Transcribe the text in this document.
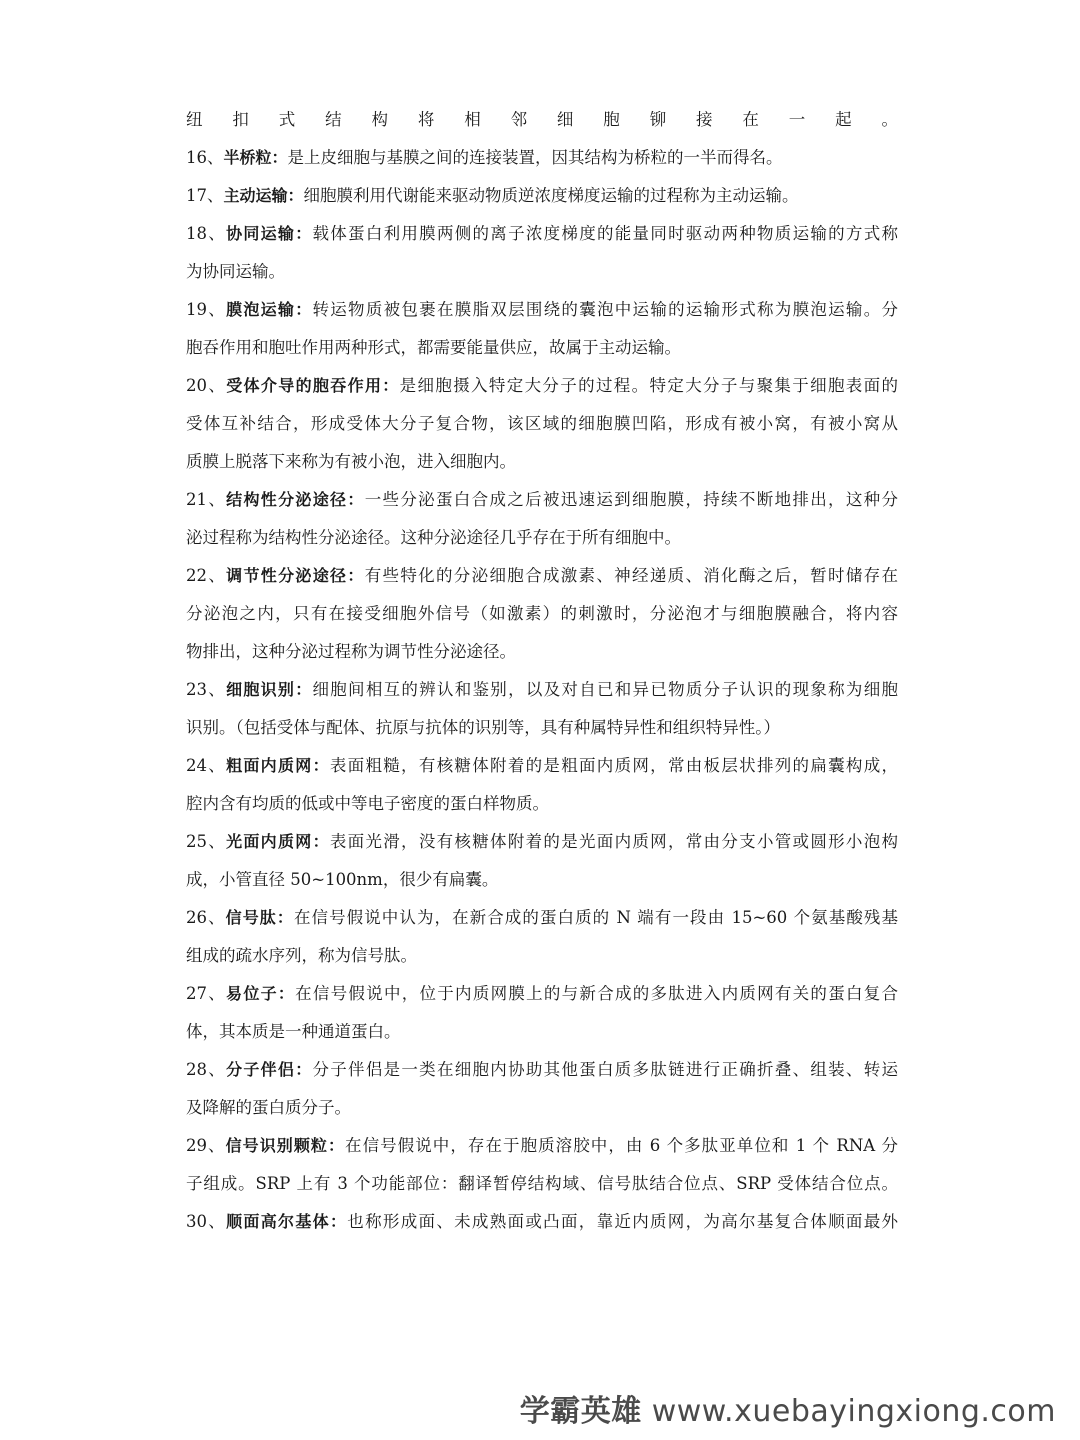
纽扣式结构将相邻细胞铆接在一起。
16、半桥粒：是上皮细胞与基膜之间的连接装置，因其结构为桥粒的一半而得名。
17、主动运输：细胞膜利用代谢能来驱动物质逆浓度梯度运输的过程称为主动运输。
18、协同运输：载体蛋白利用膜两侧的离子浓度梯度的能量同时驱动两种物质运输的方式称
为协同运输。
19、膜泡运输：转运物质被包裹在膜脂双层围绕的囊泡中运输的运输形式称为膜泡运输。分
胞吞作用和胞吐作用两种形式，都需要能量供应，故属于主动运输。
20、受体介导的胞吞作用：是细胞摄入特定大分子的过程。特定大分子与聚集于细胞表面的
受体互补结合，形成受体大分子复合物，该区域的细胞膜凹陷，形成有被小窝，有被小窝从
质膜上脱落下来称为有被小泡，进入细胞内。
21、结构性分泌途径：一些分泌蛋白合成之后被迅速运到细胞膜，持续不断地排出，这种分
泌过程称为结构性分泌途径。这种分泌途径几乎存在于所有细胞中。
22、调节性分泌途径：有些特化的分泌细胞合成激素、神经递质、消化酶之后，暂时储存在
分泌泡之内，只有在接受细胞外信号（如激素）的刺激时，分泌泡才与细胞膜融合，将内容
物排出，这种分泌过程称为调节性分泌途径。
23、细胞识别：细胞间相互的辨认和鉴别，以及对自已和异已物质分子认识的现象称为细胞
识别。（包括受体与配体、抗原与抗体的识别等，具有种属特异性和组织特异性。）
24、粗面内质网：表面粗糙，有核糖体附着的是粗面内质网，常由板层状排列的扁囊构成，
腔内含有均质的低或中等电子密度的蛋白样物质。
25、光面内质网：表面光滑，没有核糖体附着的是光面内质网，常由分支小管或圆形小泡构
成，小管直径 50~100nm，很少有扁囊。
26、信号肽：在信号假说中认为，在新合成的蛋白质的 N 端有一段由 15~60 个氨基酸残基
组成的疏水序列，称为信号肽。
27、易位子：在信号假说中，位于内质网膜上的与新合成的多肽进入内质网有关的蛋白复合
体，其本质是一种通道蛋白。
28、分子伴侣：分子伴侣是一类在细胞内协助其他蛋白质多肽链进行正确折叠、组装、转运
及降解的蛋白质分子。
29、信号识别颗粒：在信号假说中，存在于胞质溶胶中，由 6 个多肽亚单位和 1 个 RNA 分
子组成。SRP 上有 3 个功能部位：翻译暂停结构域、信号肽结合位点、SRP 受体结合位点。
30、顺面高尔基体：也称形成面、未成熟面或凸面，靠近内质网，为高尔基复合体顺面最外
学霸英雄 www.xuebayingxiong.com
